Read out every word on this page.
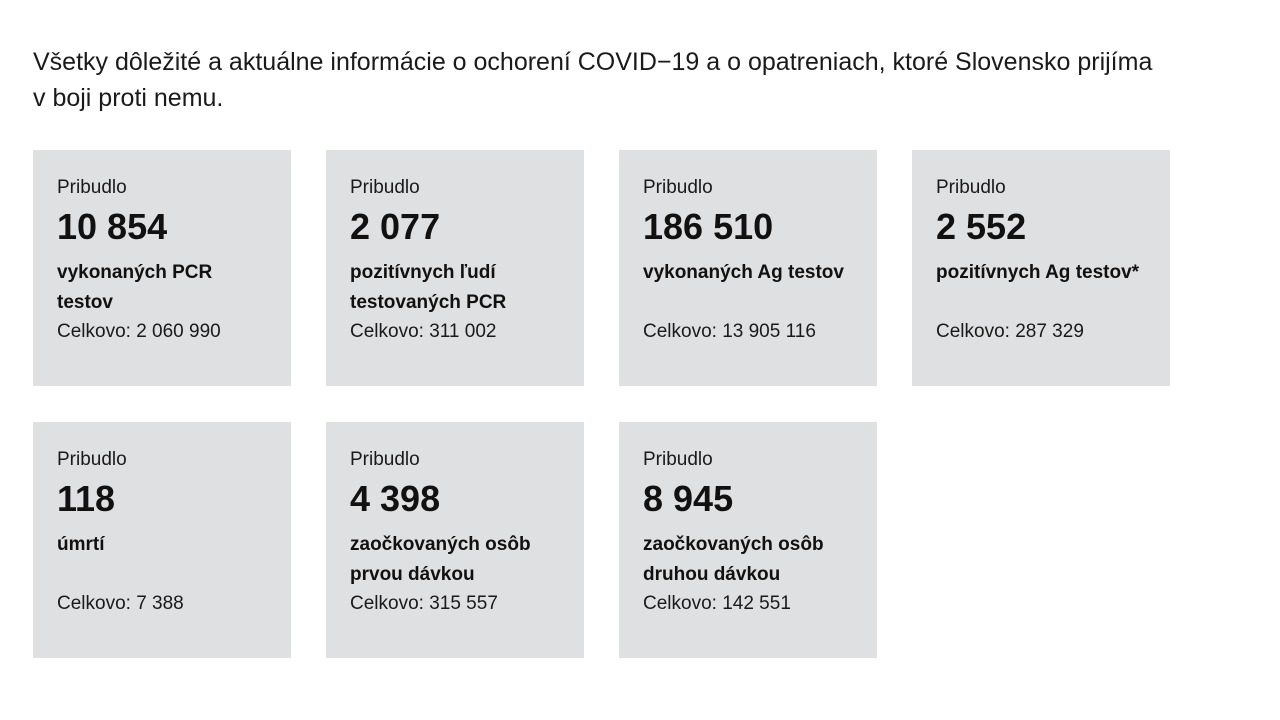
Všetky dôležité a aktuálne informácie o ochorení COVID−19 a o opatreniach, ktoré Slovensko prijíma v boji proti nemu.

Pribudlo
10 854
vykonaných PCR testov
Celkovo: 2 060 990
Pribudlo
2 077
pozitívnych ľudí testovaných PCR
Celkovo: 311 002
Pribudlo
186 510
vykonaných Ag testov
Celkovo: 13 905 116
Pribudlo
2 552
pozitívnych Ag testov*
Celkovo: 287 329
Pribudlo
118
úmrtí
Celkovo: 7 388
Pribudlo
4 398
zaočkovaných osôb prvou dávkou
Celkovo: 315 557
Pribudlo
8 945
zaočkovaných osôb druhou dávkou
Celkovo: 142 551
